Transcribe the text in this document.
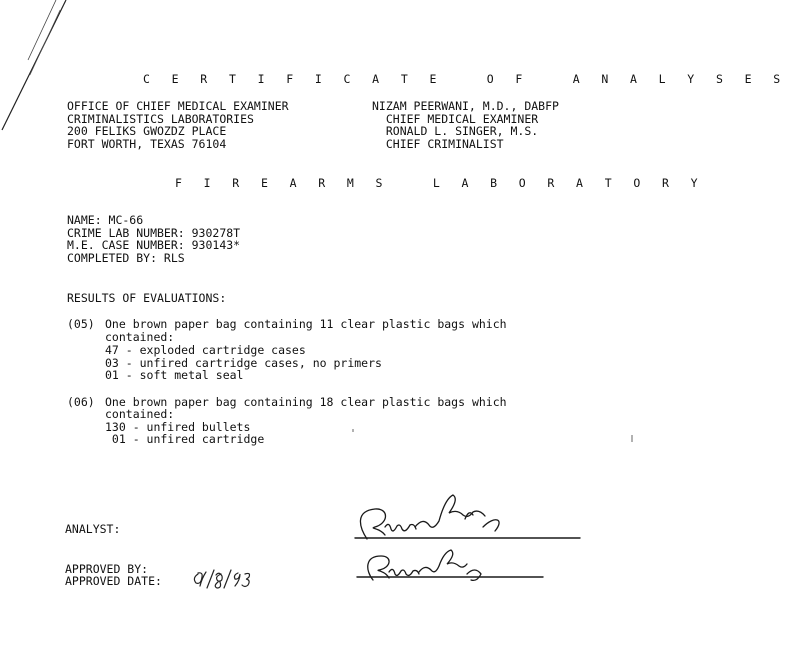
C E R T I F I C A T E   O F   A N A L Y S E S
OFFICE OF CHIEF MEDICAL EXAMINER
CRIMINALISTICS LABORATORIES
200 FELIKS GWOZDZ PLACE
FORT WORTH, TEXAS 76104
NIZAM PEERWANI, M.D., DABFP
CHIEF MEDICAL EXAMINER
RONALD L. SINGER, M.S.
CHIEF CRIMINALIST
F I R E A R M S   L A B O R A T O R Y
NAME: MC-66
CRIME LAB NUMBER: 930278T
M.E. CASE NUMBER: 930143*
COMPLETED BY: RLS
RESULTS OF EVALUATIONS:
(05) One brown paper bag containing 11 clear plastic bags which
contained:
47 - exploded cartridge cases
03 - unfired cartridge cases, no primers
01 - soft metal seal
(06) One brown paper bag containing 18 clear plastic bags which
contained:
130 - unfired bullets
01 - unfired cartridge
ANALYST:
APPROVED BY:
APPROVED DATE:
